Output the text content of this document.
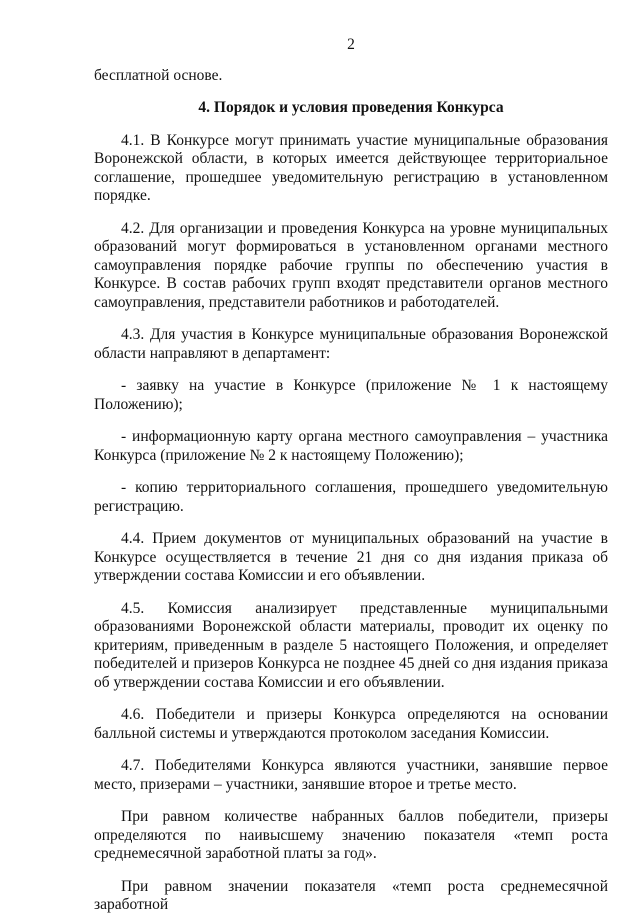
2

бесплатной основе.

4. Порядок и условия проведения Конкурса

4.1. В Конкурсе могут принимать участие муниципальные образования Воронежской области, в которых имеется действующее территориальное соглашение, прошедшее уведомительную регистрацию в установленном порядке.

4.2. Для организации и проведения Конкурса на уровне муниципальных образований могут формироваться в установленном органами местного самоуправления порядке рабочие группы по обеспечению участия в Конкурсе. В состав рабочих групп входят представители органов местного самоуправления, представители работников и работодателей.

4.3. Для участия в Конкурсе муниципальные образования Воронежской области направляют в департамент:

- заявку на участие в Конкурсе (приложение № 1 к настоящему Положению);

- информационную карту органа местного самоуправления – участника Конкурса (приложение № 2 к настоящему Положению);

- копию территориального соглашения, прошедшего уведомительную регистрацию.

4.4. Прием документов от муниципальных образований на участие в Конкурсе осуществляется в течение 21 дня со дня издания приказа об утверждении состава Комиссии и его объявлении.

4.5. Комиссия анализирует представленные муниципальными образованиями Воронежской области материалы, проводит их оценку по критериям, приведенным в разделе 5 настоящего Положения, и определяет победителей и призеров Конкурса не позднее 45 дней со дня издания приказа об утверждении состава Комиссии и его объявлении.

4.6. Победители и призеры Конкурса определяются на основании балльной системы и утверждаются протоколом заседания Комиссии.

4.7. Победителями Конкурса являются участники, занявшие первое место, призерами – участники, занявшие второе и третье место.

При равном количестве набранных баллов победители, призеры определяются по наивысшему значению показателя «темп роста среднемесячной заработной платы за год».

При равном значении показателя «темп роста среднемесячной заработной
